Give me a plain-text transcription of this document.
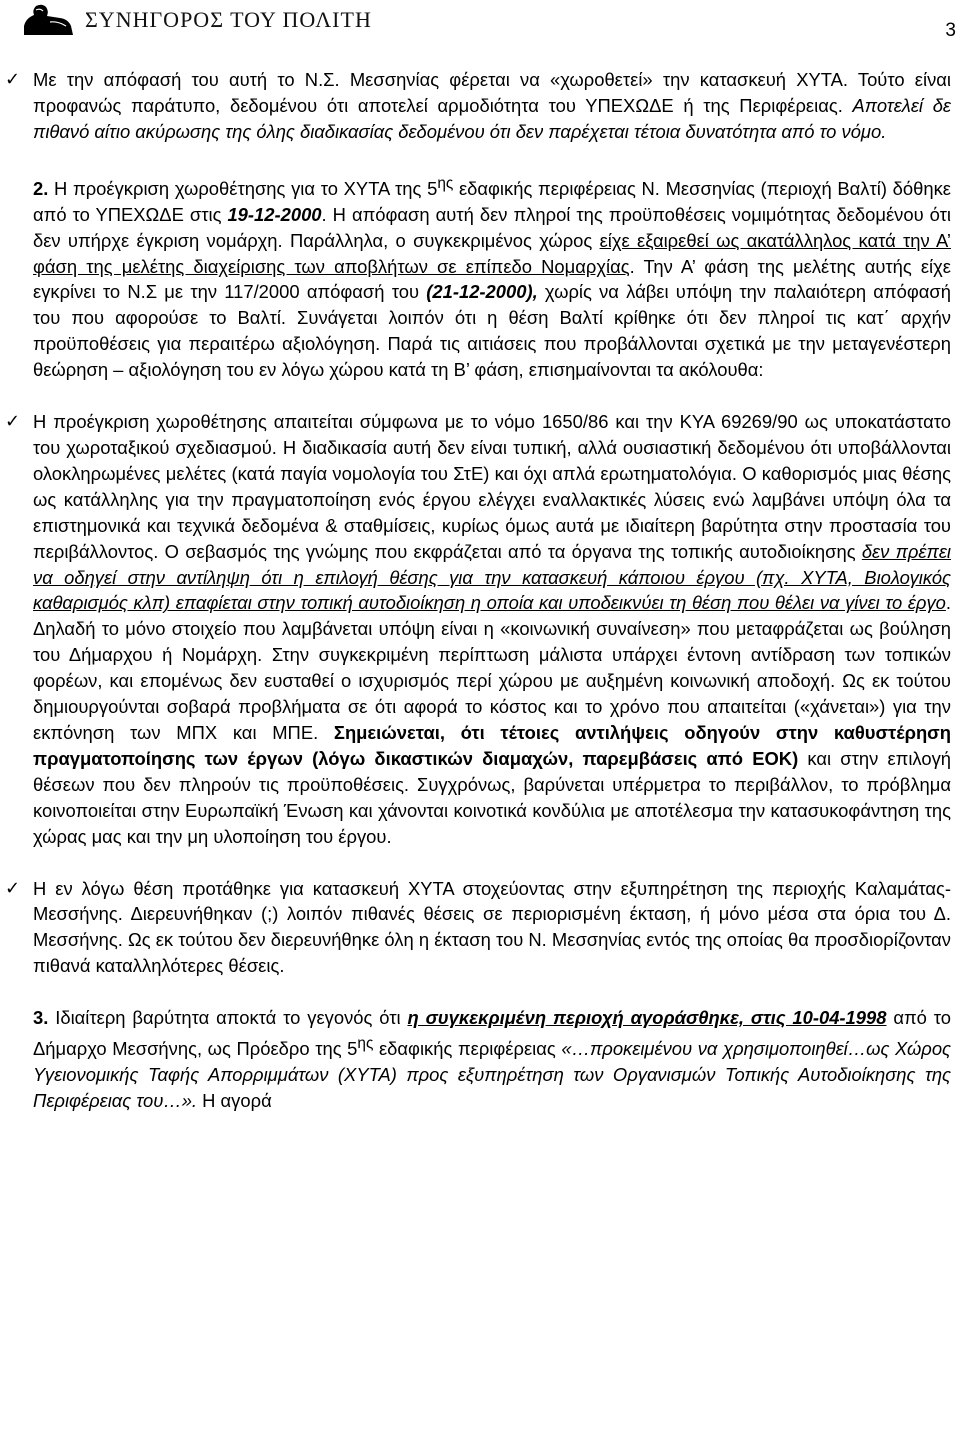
ΣΥΝΗΓΟΡΟΣ ΤΟΥ ΠΟΛΙΤΗ	3

✓ Με την απόφασή του αυτή το Ν.Σ. Μεσσηνίας φέρεται να «χωροθετεί» την κατασκευή ΧΥΤΑ. Τούτο είναι προφανώς παράτυπο, δεδομένου ότι αποτελεί αρμοδιότητα του ΥΠΕΧΩΔΕ ή της Περιφέρειας. Αποτελεί δε πιθανό αίτιο ακύρωσης της όλης διαδικασίας δεδομένου ότι δεν παρέχεται τέτοια δυνατότητα από το νόμο.

2. Η προέγκριση χωροθέτησης για το ΧΥΤΑ της $5^{\eta\varsigma}$ εδαφικής περιφέρειας Ν. Μεσσηνίας (περιοχή Βαλτί) δόθηκε από το ΥΠΕΧΩΔΕ στις 19-12-2000. Η απόφαση αυτή δεν πληροί της προϋποθέσεις νομιμότητας δεδομένου ότι δεν υπήρχε έγκριση νομάρχη. Παράλληλα, ο συγκεκριμένος χώρος είχε εξαιρεθεί ως ακατάλληλος κατά την Α’ φάση της μελέτης διαχείρισης των αποβλήτων σε επίπεδο Νομαρχίας. Την Α’ φάση της μελέτης αυτής είχε εγκρίνει το Ν.Σ με την 117/2000 απόφασή του (21-12-2000), χωρίς να λάβει υπόψη την παλαιότερη απόφασή του που αφορούσε το Βαλτί. Συνάγεται λοιπόν ότι η θέση Βαλτί κρίθηκε ότι δεν πληροί τις κατ΄ αρχήν προϋποθέσεις για περαιτέρω αξιολόγηση. Παρά τις αιτιάσεις που προβάλλονται σχετικά με την μεταγενέστερη θεώρηση – αξιολόγηση του εν λόγω χώρου κατά τη Β’ φάση, επισημαίνονται τα ακόλουθα:

✓ Η προέγκριση χωροθέτησης απαιτείται σύμφωνα με το νόμο 1650/86 και την ΚΥΑ 69269/90 ως υποκατάστατο του χωροταξικού σχεδιασμού. Η διαδικασία αυτή δεν είναι τυπική, αλλά ουσιαστική δεδομένου ότι υποβάλλονται ολοκληρωμένες μελέτες (κατά παγία νομολογία του ΣτΕ) και όχι απλά ερωτηματολόγια. Ο καθορισμός μιας θέσης ως κατάλληλης για την πραγματοποίηση ενός έργου ελέγχει εναλλακτικές λύσεις ενώ λαμβάνει υπόψη όλα τα επιστημονικά και τεχνικά δεδομένα & σταθμίσεις, κυρίως όμως αυτά με ιδιαίτερη βαρύτητα στην προστασία του περιβάλλοντος. Ο σεβασμός της γνώμης που εκφράζεται από τα όργανα της τοπικής αυτοδιοίκησης δεν πρέπει να οδηγεί στην αντίληψη ότι η επιλογή θέσης για την κατασκευή κάποιου έργου (πχ. ΧΥΤΑ, Βιολογικός καθαρισμός κλπ) επαφίεται στην τοπική αυτοδιοίκηση η οποία και υποδεικνύει τη θέση που θέλει να γίνει το έργο. Δηλαδή το μόνο στοιχείο που λαμβάνεται υπόψη είναι η «κοινωνική συναίνεση» που μεταφράζεται ως βούληση του Δήμαρχου ή Νομάρχη. Στην συγκεκριμένη περίπτωση μάλιστα υπάρχει έντονη αντίδραση των τοπικών φορέων, και επομένως δεν ευσταθεί ο ισχυρισμός περί χώρου με αυξημένη κοινωνική αποδοχή. Ως εκ τούτου δημιουργούνται σοβαρά προβλήματα σε ότι αφορά το κόστος και το χρόνο που απαιτείται («χάνεται») για την εκπόνηση των ΜΠΧ και ΜΠΕ. Σημειώνεται, ότι τέτοιες αντιλήψεις οδηγούν στην καθυστέρηση πραγματοποίησης των έργων (λόγω δικαστικών διαμαχών, παρεμβάσεις από ΕΟΚ) και στην επιλογή θέσεων που δεν πληρούν τις προϋποθέσεις. Συγχρόνως, βαρύνεται υπέρμετρα το περιβάλλον, το πρόβλημα κοινοποιείται στην Ευρωπαϊκή Ένωση και χάνονται κοινοτικά κονδύλια με αποτέλεσμα την κατασυκοφάντηση της χώρας μας και την μη υλοποίηση του έργου.

✓ Η εν λόγω θέση προτάθηκε για κατασκευή ΧΥΤΑ στοχεύοντας στην εξυπηρέτηση της περιοχής Καλαμάτας-Μεσσήνης. Διερευνήθηκαν (;) λοιπόν πιθανές θέσεις σε περιορισμένη έκταση, ή μόνο μέσα στα όρια του Δ. Μεσσήνης. Ως εκ τούτου δεν διερευνήθηκε όλη η έκταση του Ν. Μεσσηνίας εντός της οποίας θα προσδιορίζονταν πιθανά καταλληλότερες θέσεις.

3. Ιδιαίτερη βαρύτητα αποκτά το γεγονός ότι η συγκεκριμένη περιοχή αγοράσθηκε, στις 10-04-1998 από το Δήμαρχο Μεσσήνης, ως Πρόεδρο της $5^{\eta\varsigma}$ εδαφικής περιφέρειας «…προκειμένου να χρησιμοποιηθεί…ως Χώρος Υγειονομικής Ταφής Απορριμμάτων (ΧΥΤΑ) προς εξυπηρέτηση των Οργανισμών Τοπικής Αυτοδιοίκησης της Περιφέρειας του…». Η αγορά
